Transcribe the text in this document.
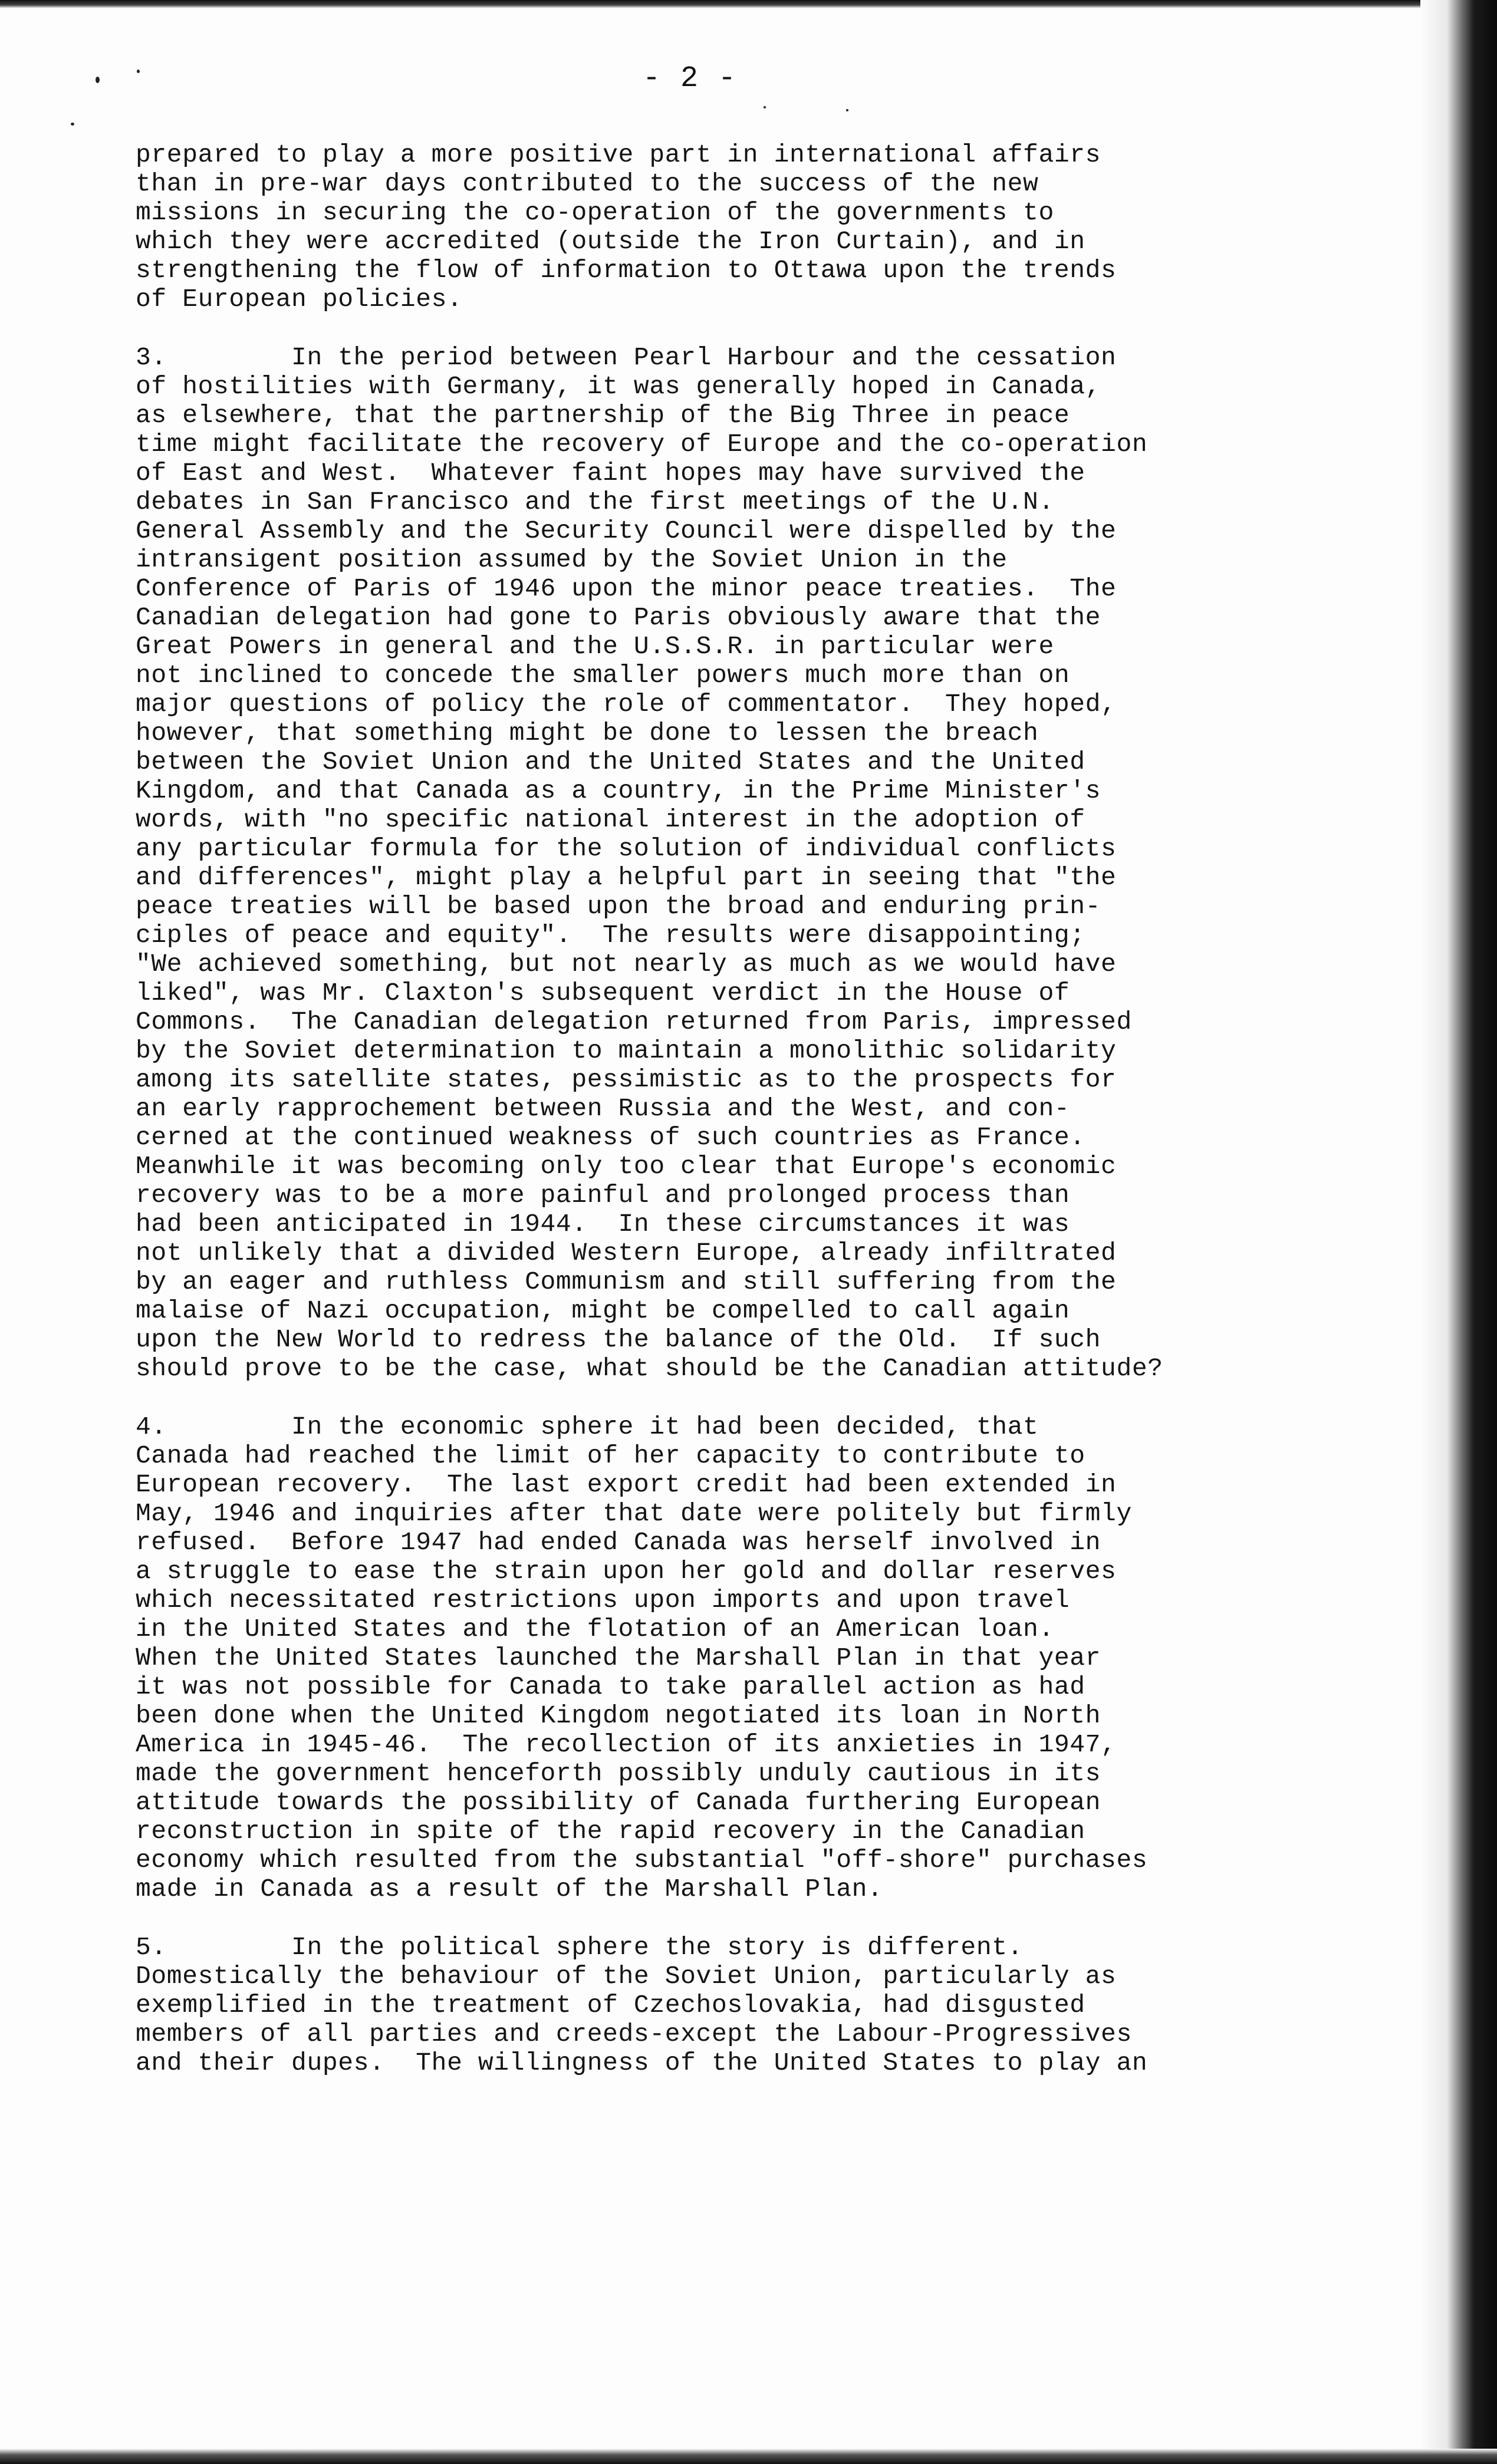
- 2 -
prepared to play a more positive part in international affairs
than in pre-war days contributed to the success of the new
missions in securing the co-operation of the governments to
which they were accredited (outside the Iron Curtain), and in
strengthening the flow of information to Ottawa upon the trends
of European policies.
3.        In the period between Pearl Harbour and the cessation
of hostilities with Germany, it was generally hoped in Canada,
as elsewhere, that the partnership of the Big Three in peace
time might facilitate the recovery of Europe and the co-operation
of East and West.  Whatever faint hopes may have survived the
debates in San Francisco and the first meetings of the U.N.
General Assembly and the Security Council were dispelled by the
intransigent position assumed by the Soviet Union in the
Conference of Paris of 1946 upon the minor peace treaties.  The
Canadian delegation had gone to Paris obviously aware that the
Great Powers in general and the U.S.S.R. in particular were
not inclined to concede the smaller powers much more than on
major questions of policy the role of commentator.  They hoped,
however, that something might be done to lessen the breach
between the Soviet Union and the United States and the United
Kingdom, and that Canada as a country, in the Prime Minister's
words, with "no specific national interest in the adoption of
any particular formula for the solution of individual conflicts
and differences", might play a helpful part in seeing that "the
peace treaties will be based upon the broad and enduring prin-
ciples of peace and equity".  The results were disappointing;
"We achieved something, but not nearly as much as we would have
liked", was Mr. Claxton's subsequent verdict in the House of
Commons.  The Canadian delegation returned from Paris, impressed
by the Soviet determination to maintain a monolithic solidarity
among its satellite states, pessimistic as to the prospects for
an early rapprochement between Russia and the West, and con-
cerned at the continued weakness of such countries as France.
Meanwhile it was becoming only too clear that Europe's economic
recovery was to be a more painful and prolonged process than
had been anticipated in 1944.  In these circumstances it was
not unlikely that a divided Western Europe, already infiltrated
by an eager and ruthless Communism and still suffering from the
malaise of Nazi occupation, might be compelled to call again
upon the New World to redress the balance of the Old.  If such
should prove to be the case, what should be the Canadian attitude?
4.        In the economic sphere it had been decided, that
Canada had reached the limit of her capacity to contribute to
European recovery.  The last export credit had been extended in
May, 1946 and inquiries after that date were politely but firmly
refused.  Before 1947 had ended Canada was herself involved in
a struggle to ease the strain upon her gold and dollar reserves
which necessitated restrictions upon imports and upon travel
in the United States and the flotation of an American loan.
When the United States launched the Marshall Plan in that year
it was not possible for Canada to take parallel action as had
been done when the United Kingdom negotiated its loan in North
America in 1945-46.  The recollection of its anxieties in 1947,
made the government henceforth possibly unduly cautious in its
attitude towards the possibility of Canada furthering European
reconstruction in spite of the rapid recovery in the Canadian
economy which resulted from the substantial "off-shore" purchases
made in Canada as a result of the Marshall Plan.
5.        In the political sphere the story is different.
Domestically the behaviour of the Soviet Union, particularly as
exemplified in the treatment of Czechoslovakia, had disgusted
members of all parties and creeds-except the Labour-Progressives
and their dupes.  The willingness of the United States to play an
